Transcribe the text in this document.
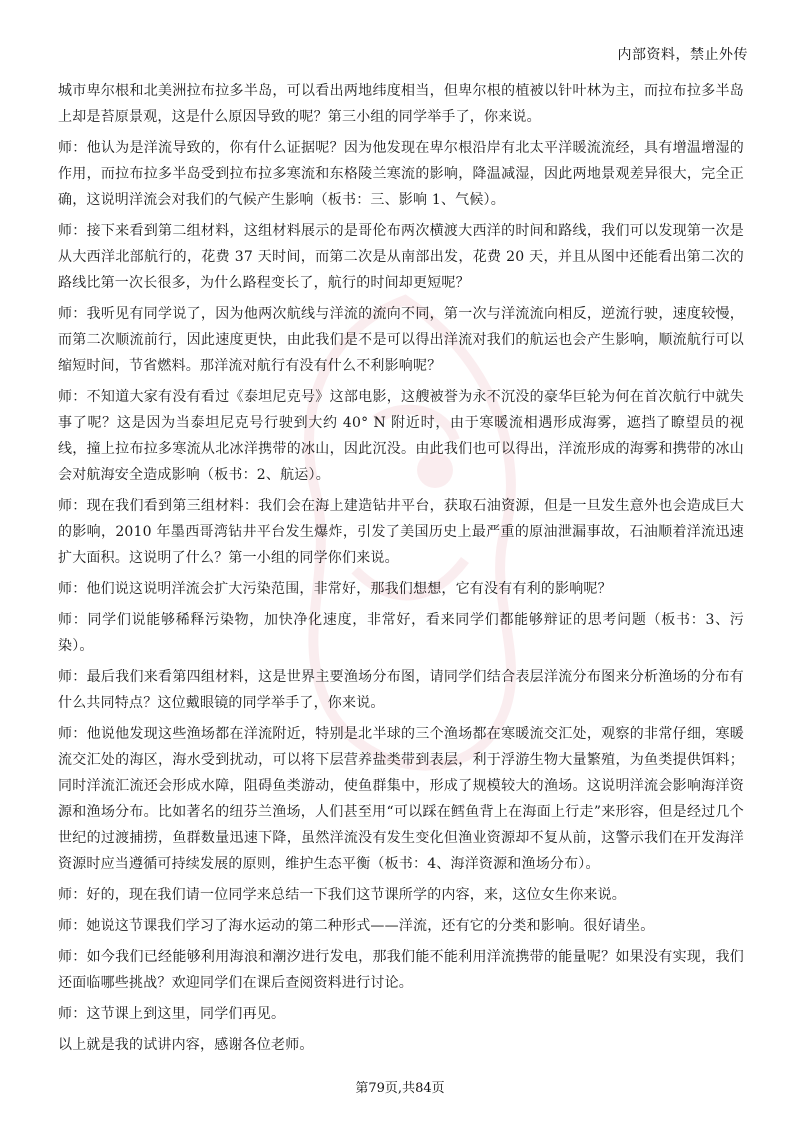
内部资料，禁止外传

城市卑尔根和北美洲拉布拉多半岛，可以看出两地纬度相当，但卑尔根的植被以针叶林为主，而拉布拉多半岛上却是苔原景观，这是什么原因导致的呢？第三小组的同学举手了，你来说。

师：他认为是洋流导致的，你有什么证据呢？因为他发现在卑尔根沿岸有北太平洋暖流流经，具有增温增湿的作用，而拉布拉多半岛受到拉布拉多寒流和东格陵兰寒流的影响，降温减湿，因此两地景观差异很大，完全正确，这说明洋流会对我们的气候产生影响（板书：三、影响 1、气候）。

师：接下来看到第二组材料，这组材料展示的是哥伦布两次横渡大西洋的时间和路线，我们可以发现第一次是从大西洋北部航行的，花费 37 天时间，而第二次是从南部出发，花费 20 天，并且从图中还能看出第二次的路线比第一次长很多，为什么路程变长了，航行的时间却更短呢？

师：我听见有同学说了，因为他两次航线与洋流的流向不同，第一次与洋流流向相反，逆流行驶，速度较慢，而第二次顺流前行，因此速度更快，由此我们是不是可以得出洋流对我们的航运也会产生影响，顺流航行可以缩短时间，节省燃料。那洋流对航行有没有什么不利影响呢？

师：不知道大家有没有看过《泰坦尼克号》这部电影，这艘被誉为永不沉没的豪华巨轮为何在首次航行中就失事了呢？这是因为当泰坦尼克号行驶到大约 40° N 附近时，由于寒暖流相遇形成海雾，遮挡了瞭望员的视线，撞上拉布拉多寒流从北冰洋携带的冰山，因此沉没。由此我们也可以得出，洋流形成的海雾和携带的冰山会对航海安全造成影响（板书：2、航运）。

师：现在我们看到第三组材料：我们会在海上建造钻井平台，获取石油资源，但是一旦发生意外也会造成巨大的影响，2010 年墨西哥湾钻井平台发生爆炸，引发了美国历史上最严重的原油泄漏事故，石油顺着洋流迅速扩大面积。这说明了什么？第一小组的同学你们来说。

师：他们说这说明洋流会扩大污染范围，非常好，那我们想想，它有没有有利的影响呢？

师：同学们说能够稀释污染物，加快净化速度，非常好，看来同学们都能够辩证的思考问题（板书：3、污染）。

师：最后我们来看第四组材料，这是世界主要渔场分布图，请同学们结合表层洋流分布图来分析渔场的分布有什么共同特点？这位戴眼镜的同学举手了，你来说。

师：他说他发现这些渔场都在洋流附近，特别是北半球的三个渔场都在寒暖流交汇处，观察的非常仔细，寒暖流交汇处的海区，海水受到扰动，可以将下层营养盐类带到表层，利于浮游生物大量繁殖，为鱼类提供饵料；同时洋流汇流还会形成水障，阻碍鱼类游动，使鱼群集中，形成了规模较大的渔场。这说明洋流会影响海洋资源和渔场分布。比如著名的纽芬兰渔场，人们甚至用“可以踩在鳕鱼背上在海面上行走”来形容，但是经过几个世纪的过渡捕捞，鱼群数量迅速下降，虽然洋流没有发生变化但渔业资源却不复从前，这警示我们在开发海洋资源时应当遵循可持续发展的原则，维护生态平衡（板书：4、海洋资源和渔场分布）。

师：好的，现在我们请一位同学来总结一下我们这节课所学的内容，来，这位女生你来说。

师：她说这节课我们学习了海水运动的第二种形式——洋流，还有它的分类和影响。很好请坐。

师：如今我们已经能够利用海浪和潮汐进行发电，那我们能不能利用洋流携带的能量呢？如果没有实现，我们还面临哪些挑战？欢迎同学们在课后查阅资料进行讨论。

师：这节课上到这里，同学们再见。

以上就是我的试讲内容，感谢各位老师。

第79页,共84页
